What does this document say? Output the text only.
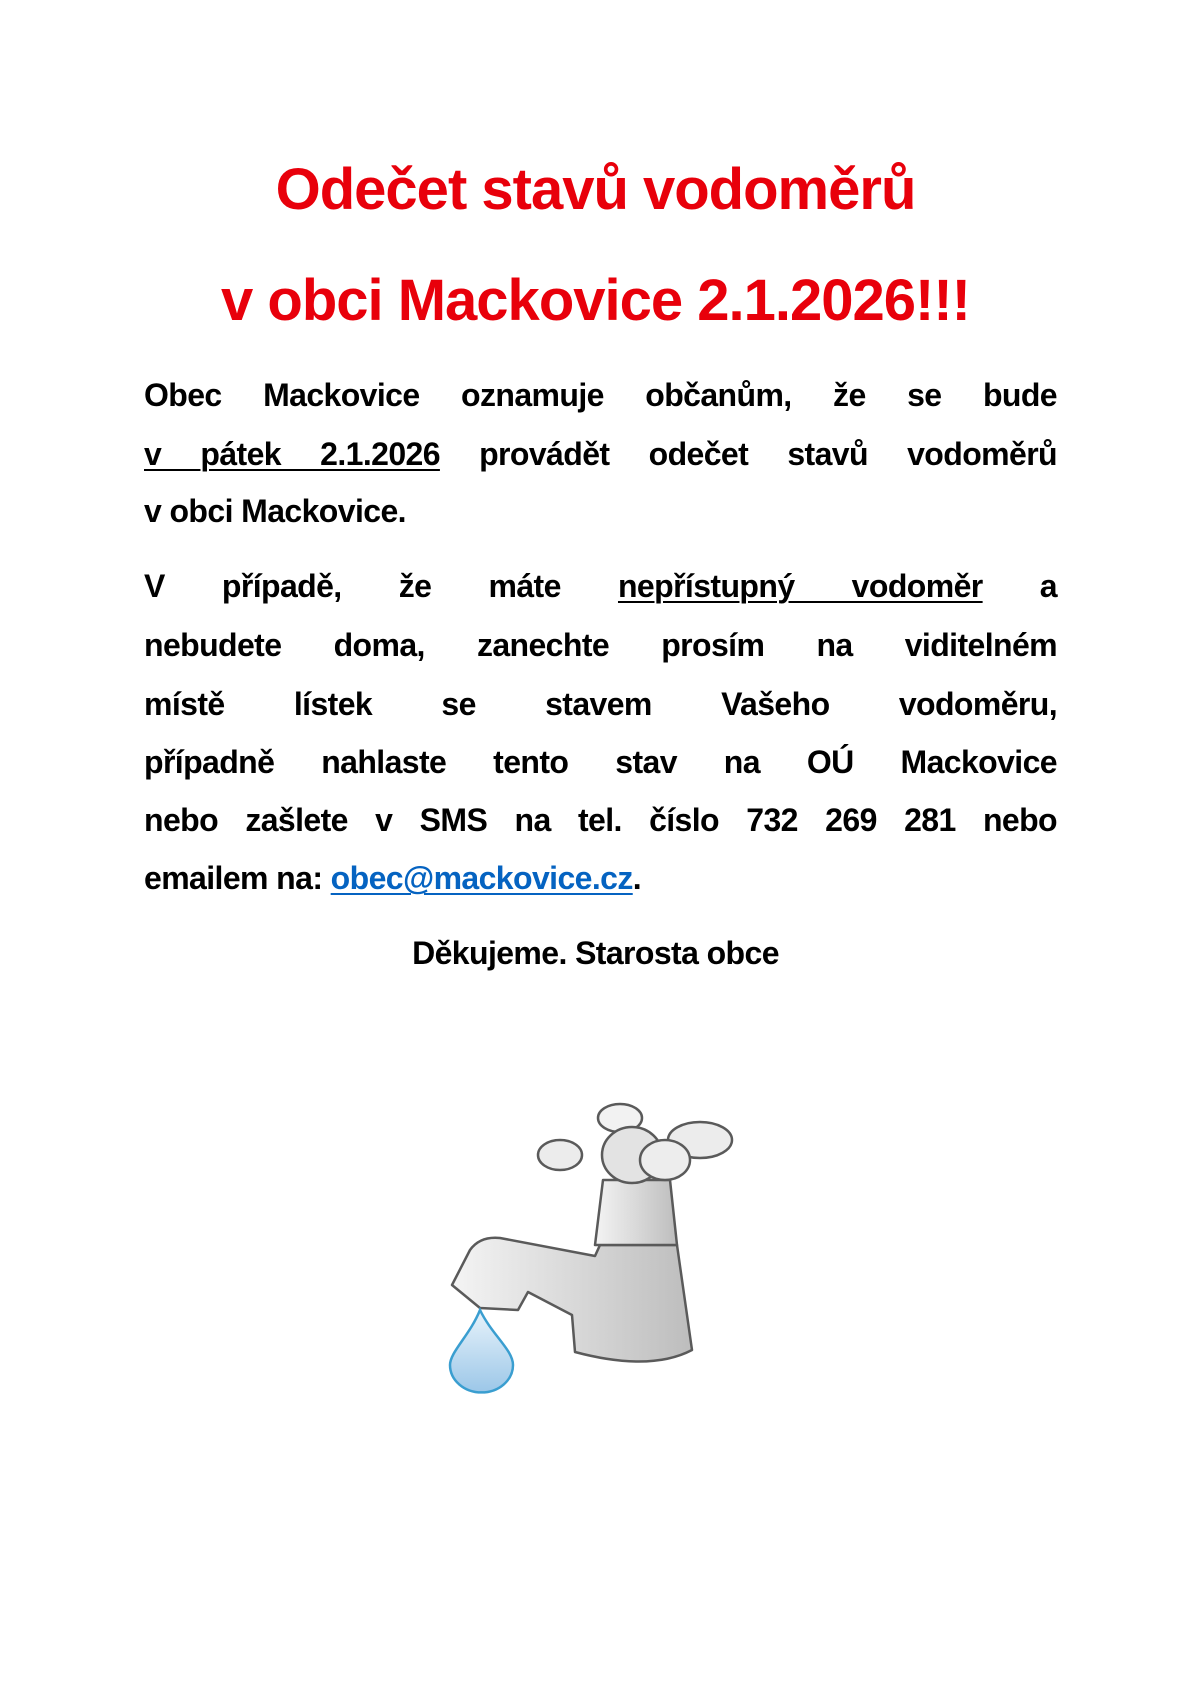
Odečet stavů vodoměrů
v obci Mackovice 2.1.2026!!!
Obec Mackovice oznamuje občanům, že se bude
v pátek 2.1.2026 provádět odečet stavů vodoměrů
v obci Mackovice.
V případě, že máte nepřístupný vodoměr a
nebudete doma, zanechte prosím na viditelném
místě lístek se stavem Vašeho vodoměru,
případně nahlaste tento stav na OÚ Mackovice
nebo zašlete v SMS na tel. číslo 732 269 281 nebo
emailem na: obec@mackovice.cz.
Děkujeme. Starosta obce
